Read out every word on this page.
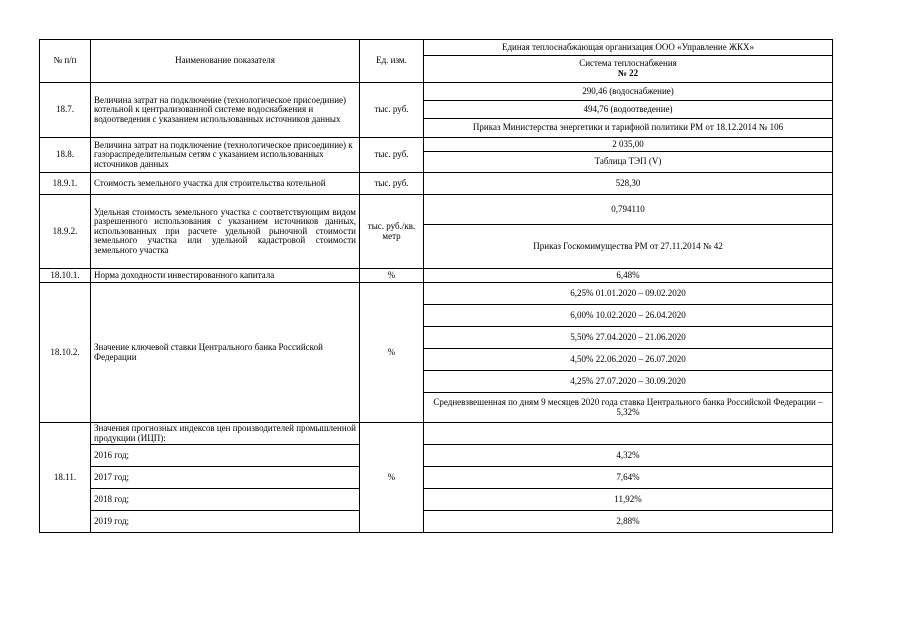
№ п/п	Наименование показателя	Ед. изм.	Единая теплоснабжающая организация ООО «Управление ЖКХ»

			Система теплоснабжения
№ 22

18.7.	Величина затрат на подключение (технологическое присоединие) котельной к централизованной системе водоснабжения и водоотведения с указанием использованных источников данных	тыс. руб.	290,46 (водоснабжение)
			494,76 (водоотведение)
			Приказ Министерства энергетики и тарифной политики РМ от 18.12.2014 № 106
18.8.	Величина затрат на подключение (технологическое присоединие) к газораспределительным сетям с указанием использованных источников данных	тыс. руб.	2 035,00
			Таблица ТЭП (V)
18.9.1.	Стоимость земельного участка для строительства котельной	тыс. руб.	528,30
18.9.2.	Удельная стоимость земельного участка с соответствующим видом разрешенного использования с указанием источников данных, использованных при расчете удельной рыночной стоимости земельного участка или удельной кадастровой стоимости земельного участка	тыс. руб./кв. метр	0,794110
			Приказ Госкомимущества РМ от 27.11.2014 № 42
18.10.1.	Норма доходности инвестированного капитала	%	6,48%
18.10.2.	Значение ключевой ставки Центрального банка Российской Федерации	%	6,25% 01.01.2020 – 09.02.2020
			6,00% 10.02.2020 – 26.04.2020
			5,50% 27.04.2020 – 21.06.2020
			4,50% 22.06.2020 – 26.07.2020
			4,25% 27.07.2020 – 30.09.2020
			Средневзвешенная по дням 9 месяцев 2020 года ставка Центрального банка Российской Федерации – 5,32%
18.11.	Значения прогнозных индексов цен производителей промышленной продукции (ИЦП):	%	
	2016 год;		4,32%
	2017 год;		7,64%
	2018 год;		11,92%
	2019 год;		2,88%
